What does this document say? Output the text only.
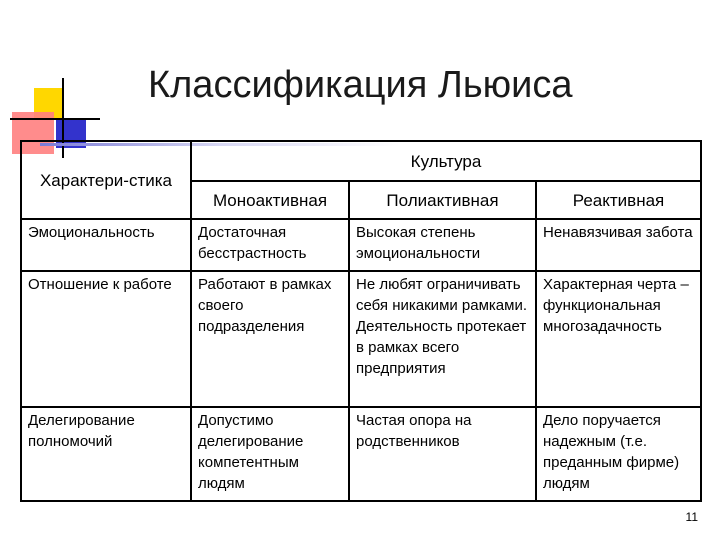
Классификация Льюиса
Характери-стика	Культура		
	Моноактивная	Полиактивная	Реактивная
Эмоциональность	Достаточная бесстрастность	Высокая степень эмоциональности	Ненавязчивая забота
Отношение к работе	Работают в рамках своего подразделения	Не любят ограничивать себя никакими рамками. Деятельность протекает в рамках всего предприятия	Характерная черта – функциональная многозадачность
Делегирование полномочий	Допустимо делегирование компетентным людям	Частая опора на родственников	Дело поручается надежным (т.е. преданным фирме) людям
11
